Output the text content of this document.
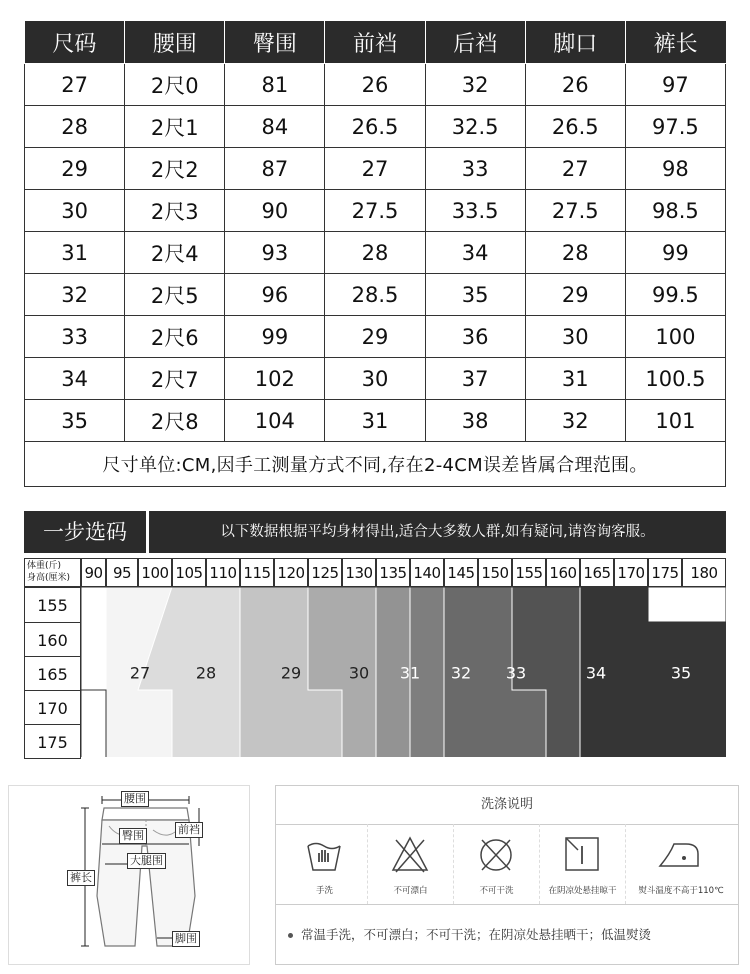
尺码	腰围	臀围	前裆	后裆	脚口	裤长
27	2尺0	81	26	32	26	97
28	2尺1	84	26.5	32.5	26.5	97.5
29	2尺2	87	27	33	27	98
30	2尺3	90	27.5	33.5	27.5	98.5
31	2尺4	93	28	34	28	99
32	2尺5	96	28.5	35	29	99.5
33	2尺6	99	29	36	30	100
34	2尺7	102	30	37	31	100.5
35	2尺8	104	31	38	32	101
尺寸单位:CM,因手工测量方式不同,存在2-4CM误差皆属合理范围。						
一步选码	以下数据根据平均身材得出,适合大多数人群,如有疑问,请咨询客服。
体重(斤)
身高(厘米) 90 95 100 105 110 115 120 125 130 135 140 145 150 155 160 165 170 175 180
155
160
165
170
175
27	28	29	30 31 32 33	34	35
腰围
臀围	前裆
大腿围
裤长
脚围
洗涤说明
手洗	不可漂白	不可干洗	在阴凉处悬挂晾干	熨斗温度不高于110℃
常温手洗，不可漂白；不可干洗；在阴凉处悬挂晒干；低温熨烫
